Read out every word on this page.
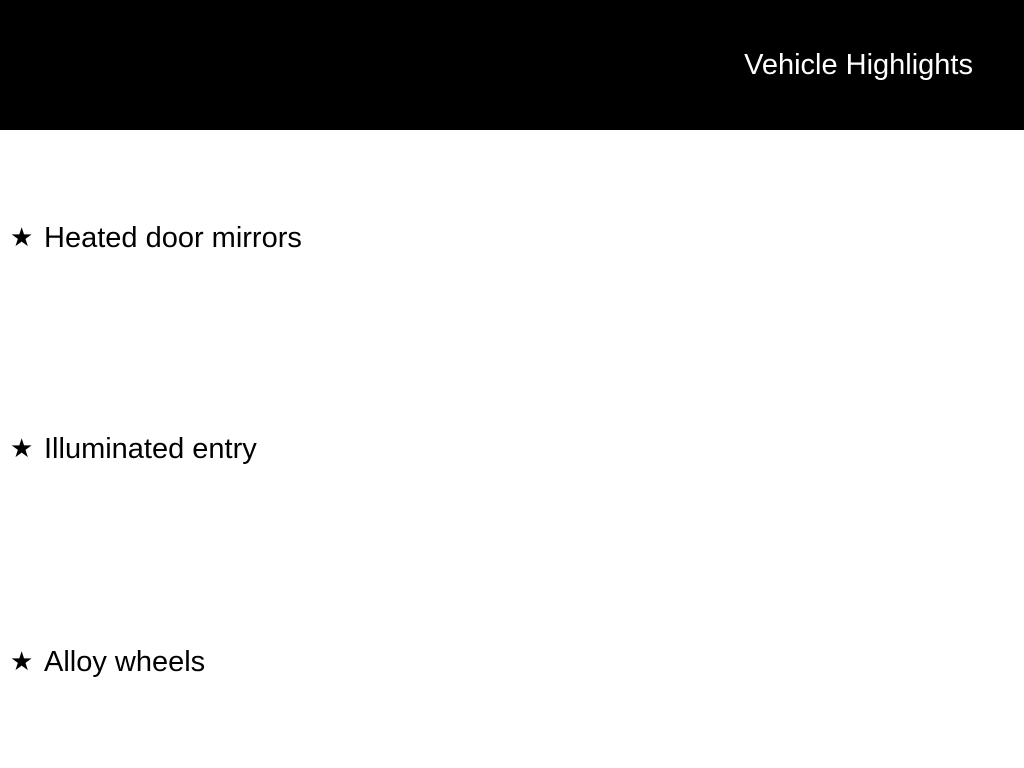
Vehicle Highlights
★ Heated door mirrors
★ Illuminated entry
★ Alloy wheels
